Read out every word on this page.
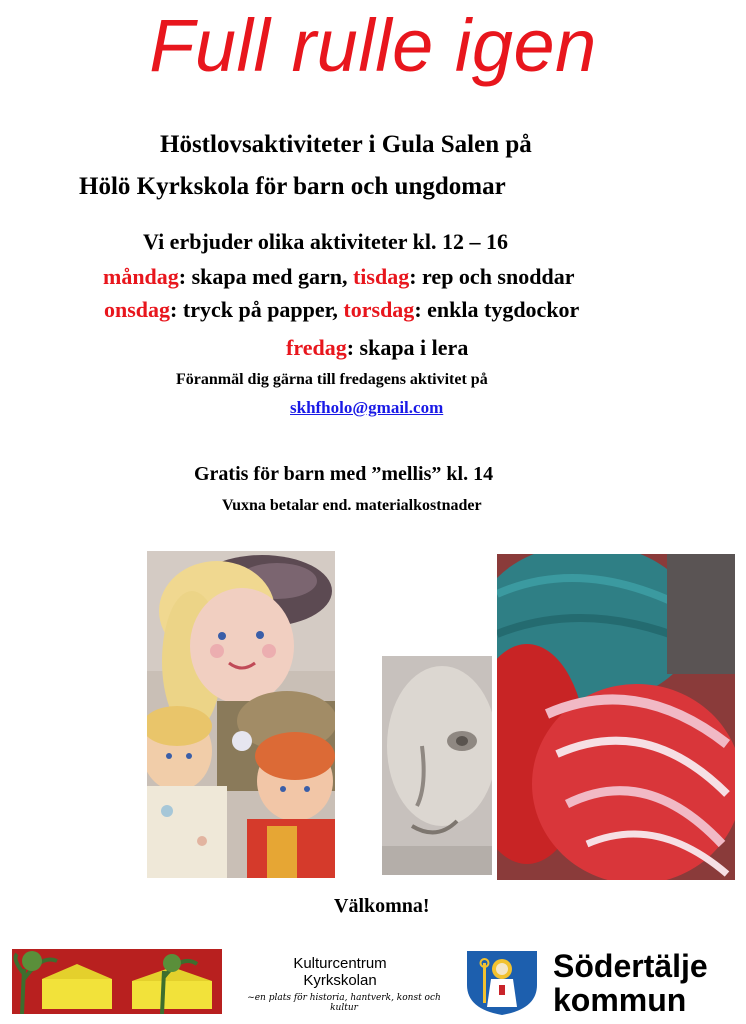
Full rulle igen
Höstlovsaktiviteter i Gula Salen på
Hölö Kyrkskola för barn och ungdomar
Vi erbjuder olika aktiviteter kl. 12 – 16
måndag: skapa med garn, tisdag: rep och snoddar
onsdag: tryck på papper, torsdag: enkla tygdockor
fredag: skapa i lera
Föranmäl dig gärna till fredagens aktivitet på
skhfholo@gmail.com
Gratis för barn med ”mellis” kl. 14
Vuxna betalar end. materialkostnader
Välkomna!
Kulturcentrum
Kyrkskolan
~en plats för historia, hantverk, konst och
kultur
Södertälje
kommun
